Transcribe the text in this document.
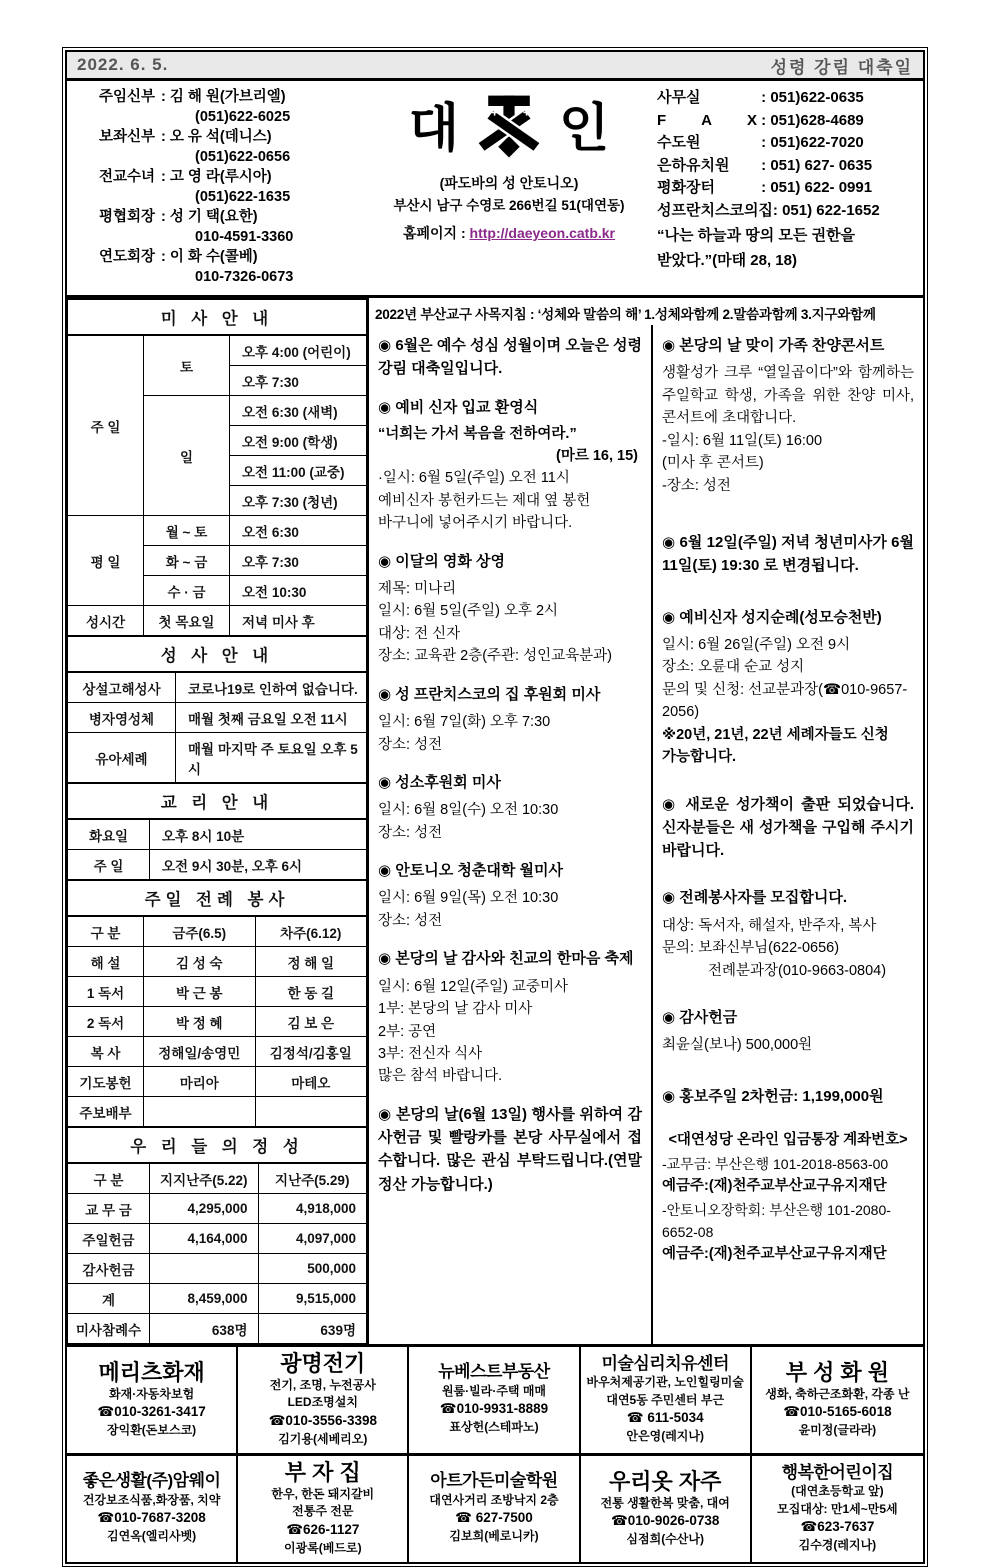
2022. 6. 5.	성령 강림 대축일
주임신부 : 김 해 원(가브리엘)
(051)622-6025
보좌신부 : 오 유 석(데니스)
(051)622-0656
전교수녀 : 고 영 라(루시아)
(051)622-1635
평협회장 : 성 기 택(요한)
010-4591-3360
연도회장 : 이 화 수(콜베)
010-7326-0673
대 인
(파도바의 성 안토니오)
부산시 남구 수영로 266번길 51(대연동)
홈페이지 : http://daeyeon.catb.kr
사무실	: 051)622-0635
F A X : 051)628-4689
수도원	: 051)622-7020
은하유치원 : 051) 627- 0635
평화장터	: 051) 622- 0991
성프란치스코의집: 051) 622-1652
“나는 하늘과 땅의 모든 권한을
받았다.”(마태 28, 18)
미 사 안 내		
주 일	토	오후 4:00 (어린이)
		오후 7:30
	일	오전 6:30 (새벽)
		오전 9:00 (학생)
		오전 11:00 (교중)
		오후 7:30 (청년)
평 일	월 ~ 토	오전 6:30
	화 ~ 금	오후 7:30
	수 · 금	오전 10:30
성시간	첫 목요일	저녁 미사 후
성 사 안 내	
상설고해성사	코로나19로 인하여 없습니다.
병자영성체	매월 첫째 금요일 오전 11시
유아세례	매월 마지막 주 토요일 오후 5시
교 리 안 내	
화요일	오후 8시 10분
주 일	오전 9시 30분, 오후 6시
주일 전례 봉사		
구 분	금주(6.5)	차주(6.12)
해 설	김 성 숙	정 해 일
1 독서	박 근 봉	한 동 길
2 독서	박 정 혜	김 보 은
복 사	정해일/송영민	김정석/김홍일
기도봉헌	마리아	마테오
주보배부		
우 리 들 의 정 성		
구 분	지지난주(5.22)	지난주(5.29)
교 무 금	4,295,000	4,918,000
주일헌금	4,164,000	4,097,000
감사헌금		500,000
계	8,459,000	9,515,000
미사참례수	638명	639명
2022년 부산교구 사목지침 : ‘성체와 말씀의 해’ 1.성체와함께 2.말씀과함께 3.지구와함께
◉ 6월은 예수 성심 성월이며 오늘은 성령 강림 대축일입니다.
◉ 예비 신자 입교 환영식
“너희는 가서 복음을 전하여라.”
(마르 16, 15)
·일시: 6월 5일(주일) 오전 11시
예비신자 봉헌카드는 제대 옆 봉헌
바구니에 넣어주시기 바랍니다.
◉ 이달의 영화 상영
제목: 미나리
일시: 6월 5일(주일) 오후 2시
대상: 전 신자
장소: 교육관 2층(주관: 성인교육분과)
◉ 성 프란치스코의 집 후원회 미사
일시: 6월 7일(화) 오후 7:30
장소: 성전
◉ 성소후원회 미사
일시: 6월 8일(수) 오전 10:30
장소: 성전
◉ 안토니오 청춘대학 월미사
일시: 6월 9일(목) 오전 10:30
장소: 성전
◉ 본당의 날 감사와 친교의 한마음 축제
일시: 6월 12일(주일) 교중미사
1부: 본당의 날 감사 미사
2부: 공연
3부: 전신자 식사
많은 참석 바랍니다.
◉ 본당의 날(6월 13일) 행사를 위하여 감사헌금 및 빨랑카를 본당 사무실에서 접수합니다. 많은 관심 부탁드립니다.(연말정산 가능합니다.)
◉ 본당의 날 맞이 가족 찬양콘서트
생활성가 크루 “열일곱이다”와 함께하는 주일학교 학생, 가족을 위한 찬양 미사, 콘서트에 초대합니다.
-일시: 6월 11일(토) 16:00
(미사 후 콘서트)
-장소: 성전
◉ 6월 12일(주일) 저녁 청년미사가 6월 11일(토) 19:30 로 변경됩니다.
◉ 예비신자 성지순례(성모승천반)
일시: 6월 26일(주일) 오전 9시
장소: 오륜대 순교 성지
문의 및 신청: 선교분과장(☎010-9657-2056)
※20년, 21년, 22년 세례자들도 신청
가능합니다.
◉ 새로운 성가책이 출판 되었습니다. 신자분들은 새 성가책을 구입해 주시기 바랍니다.
◉ 전례봉사자를 모집합니다.
대상: 독서자, 해설자, 반주자, 복사
문의: 보좌신부님(622-0656)
전례분과장(010-9663-0804)
◉ 감사헌금
최윤실(보나) 500,000원
◉ 홍보주일 2차헌금: 1,199,000원
<대연성당 온라인 입금통장 계좌번호>
-교무금: 부산은행 101-2018-8563-00
예금주:(재)천주교부산교구유지재단
-안토니오장학회: 부산은행 101-2080-6652-08
예금주:(재)천주교부산교구유지재단
메리츠화재
화재·자동차보험
☎010-3261-3417
장익환(돈보스코)
광명전기
전기, 조명, 누전공사
LED조명설치
☎010-3556-3398
김기용(세베리오)
뉴베스트부동산
원룸·빌라·주택 매매
☎010-9931-8889
표상헌(스테파노)
미술심리치유센터
바우처제공기관, 노인힐링미술
대연5동 주민센터 부근
☎ 611-5034
안은영(레지나)
부 성 화 원
생화, 축하근조화환, 각종 난
☎010-5165-6018
윤미정(글라라)
좋은생활(주)암웨이
건강보조식품,화장품, 치약
☎010-7687-3208
김연옥(엘리사벳)
부 자 집
한우, 한돈 돼지갈비
전통주 전문
☎626-1127
이광록(베드로)
아트가든미술학원
대연사거리 조방낙지 2층
☎ 627-7500
김보희(베로니카)
우리옷 자주
전통 생활한복 맞춤, 대여
☎010-9026-0738
심점희(수산나)
행복한어린이집
(대연초등학교 앞)
모집대상: 만1세~만5세
☎623-7637
김수경(레지나)
